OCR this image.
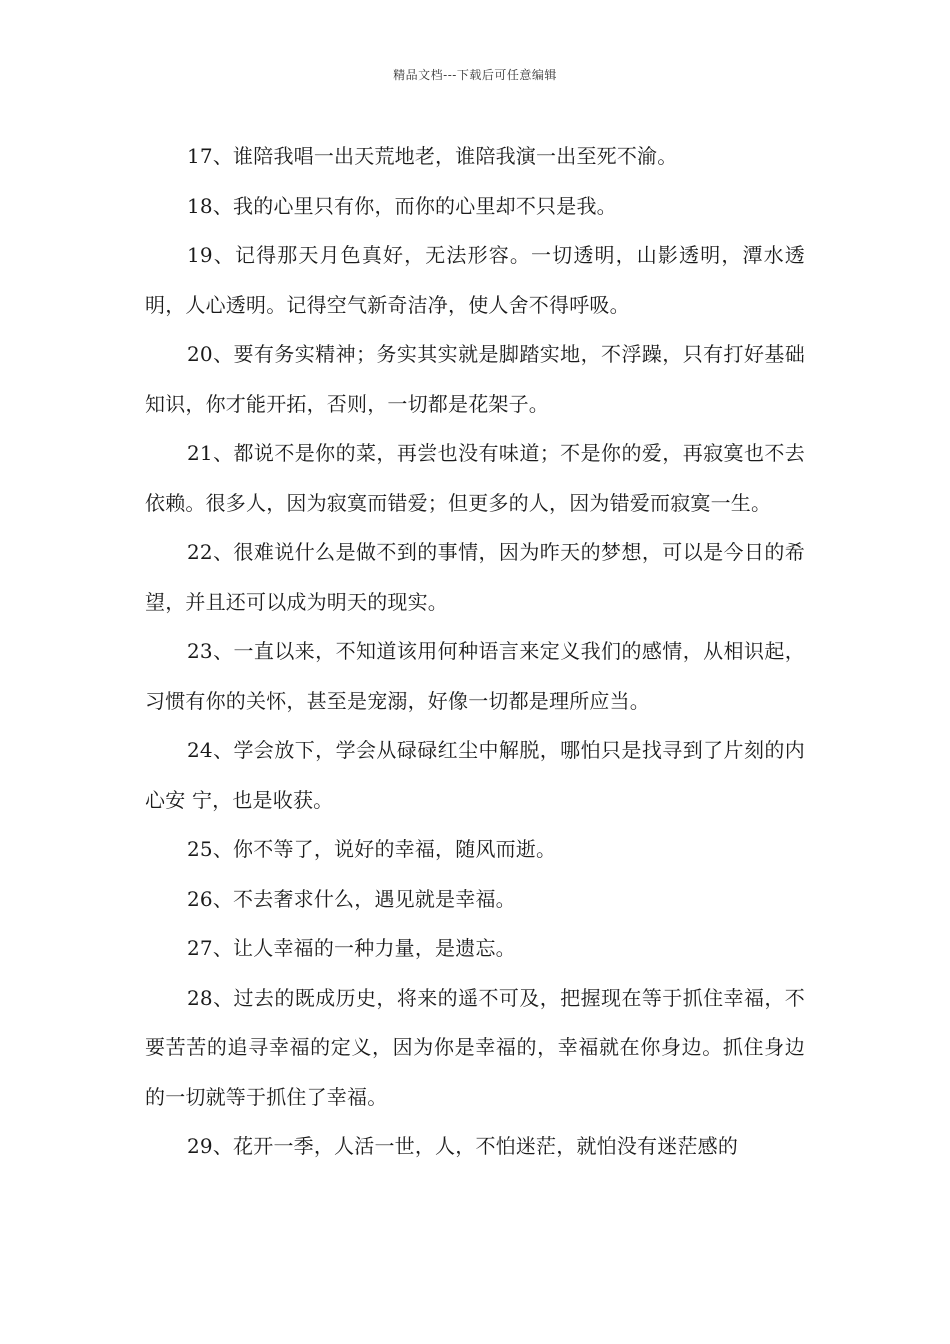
精品文档---下载后可任意编辑

17、谁陪我唱一出天荒地老，谁陪我演一出至死不渝。

18、我的心里只有你，而你的心里却不只是我。

19、记得那天月色真好，无法形容。一切透明，山影透明，潭水透明，人心透明。记得空气新奇洁净，使人舍不得呼吸。

20、要有务实精神；务实其实就是脚踏实地，不浮躁，只有打好基础知识，你才能开拓，否则，一切都是花架子。

21、都说不是你的菜，再尝也没有味道；不是你的爱，再寂寞也不去依赖。很多人，因为寂寞而错爱；但更多的人，因为错爱而寂寞一生。

22、很难说什么是做不到的事情，因为昨天的梦想，可以是今日的希望，并且还可以成为明天的现实。

23、一直以来，不知道该用何种语言来定义我们的感情，从相识起，习惯有你的关怀，甚至是宠溺，好像一切都是理所应当。

24、学会放下，学会从碌碌红尘中解脱，哪怕只是找寻到了片刻的内心安 宁，也是收获。

25、你不等了，说好的幸福，随风而逝。

26、不去奢求什么，遇见就是幸福。

27、让人幸福的一种力量，是遗忘。

28、过去的既成历史，将来的遥不可及，把握现在等于抓住幸福，不要苦苦的追寻幸福的定义，因为你是幸福的，幸福就在你身边。抓住身边的一切就等于抓住了幸福。

29、花开一季，人活一世，人，不怕迷茫，就怕没有迷茫感的
